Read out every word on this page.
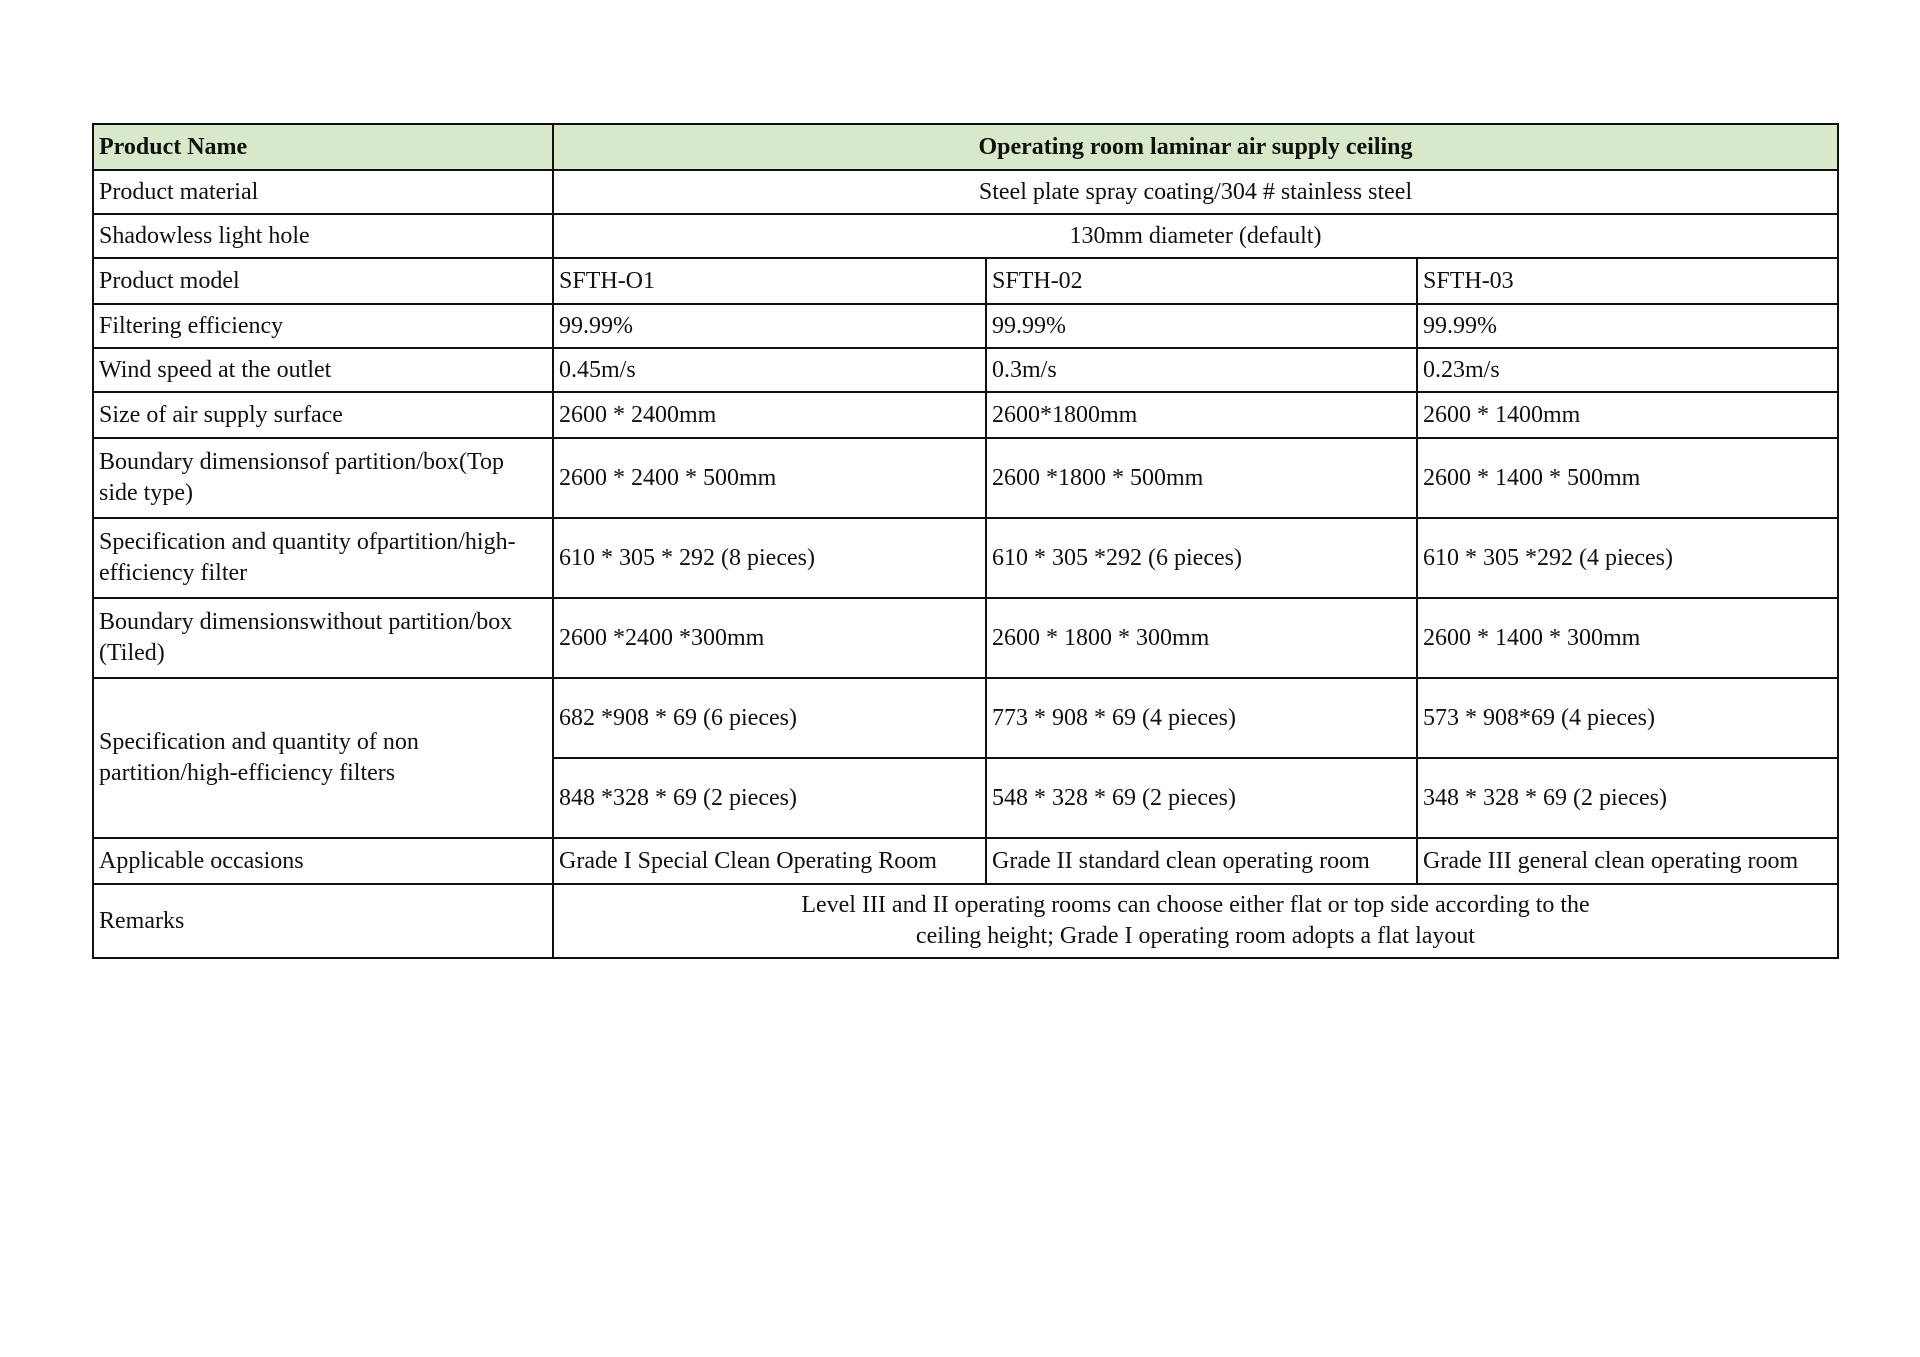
Product Name	Operating room laminar air supply ceiling		
Product material	Steel plate spray coating/304 # stainless steel		
Shadowless light hole	130mm diameter (default)		
Product model	SFTH-O1	SFTH-02	SFTH-03
Filtering efficiency	99.99%	99.99%	99.99%
Wind speed at the outlet	0.45m/s	0.3m/s	0.23m/s
Size of air supply surface	2600 * 2400mm	2600*1800mm	2600 * 1400mm
Boundary dimensionsof partition/box(Top side type)	2600 * 2400 * 500mm	2600 *1800 * 500mm	2600 * 1400 * 500mm
Specification and quantity ofpartition/high-efficiency filter	610 * 305 * 292 (8 pieces)	610 * 305 *292 (6 pieces)	610 * 305 *292 (4 pieces)
Boundary dimensionswithout partition/box (Tiled)	2600 *2400 *300mm	2600 * 1800 * 300mm	2600 * 1400 * 300mm
Specification and quantity of non partition/high-efficiency filters	682 *908 * 69 (6 pieces)	773 * 908 * 69 (4 pieces)	573 * 908*69 (4 pieces)
	848 *328 * 69 (2 pieces)	548 * 328 * 69 (2 pieces)	348 * 328 * 69 (2 pieces)
Applicable occasions	Grade I Special Clean Operating Room	Grade II standard clean operating room	Grade III general clean operating room
Remarks	Level III and II operating rooms can choose either flat or top side according to the
ceiling height; Grade I operating room adopts a flat layout		
